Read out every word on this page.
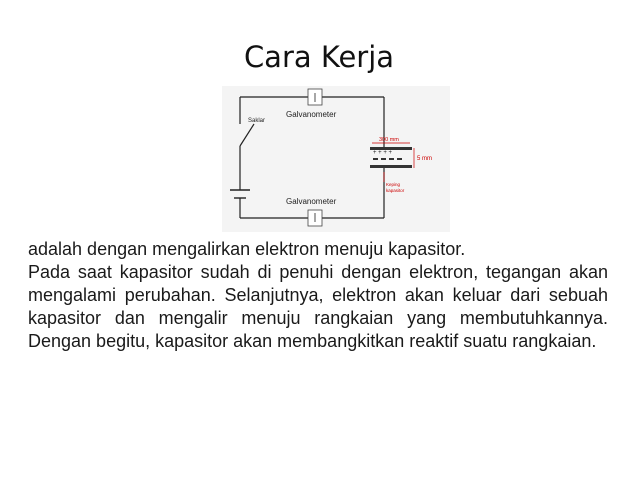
Cara Kerja
Saklar
Galvanometer
Galvanometer
+ + + +
300 mm
5 mm
Keping
kapasitor

adalah dengan mengalirkan elektron menuju kapasitor.

Pada saat kapasitor sudah di penuhi dengan elektron, tegangan akan mengalami perubahan. Selanjutnya, elektron akan keluar dari sebuah kapasitor dan mengalir menuju rangkaian yang membutuhkannya. Dengan begitu, kapasitor akan membangkitkan reaktif suatu rangkaian.
